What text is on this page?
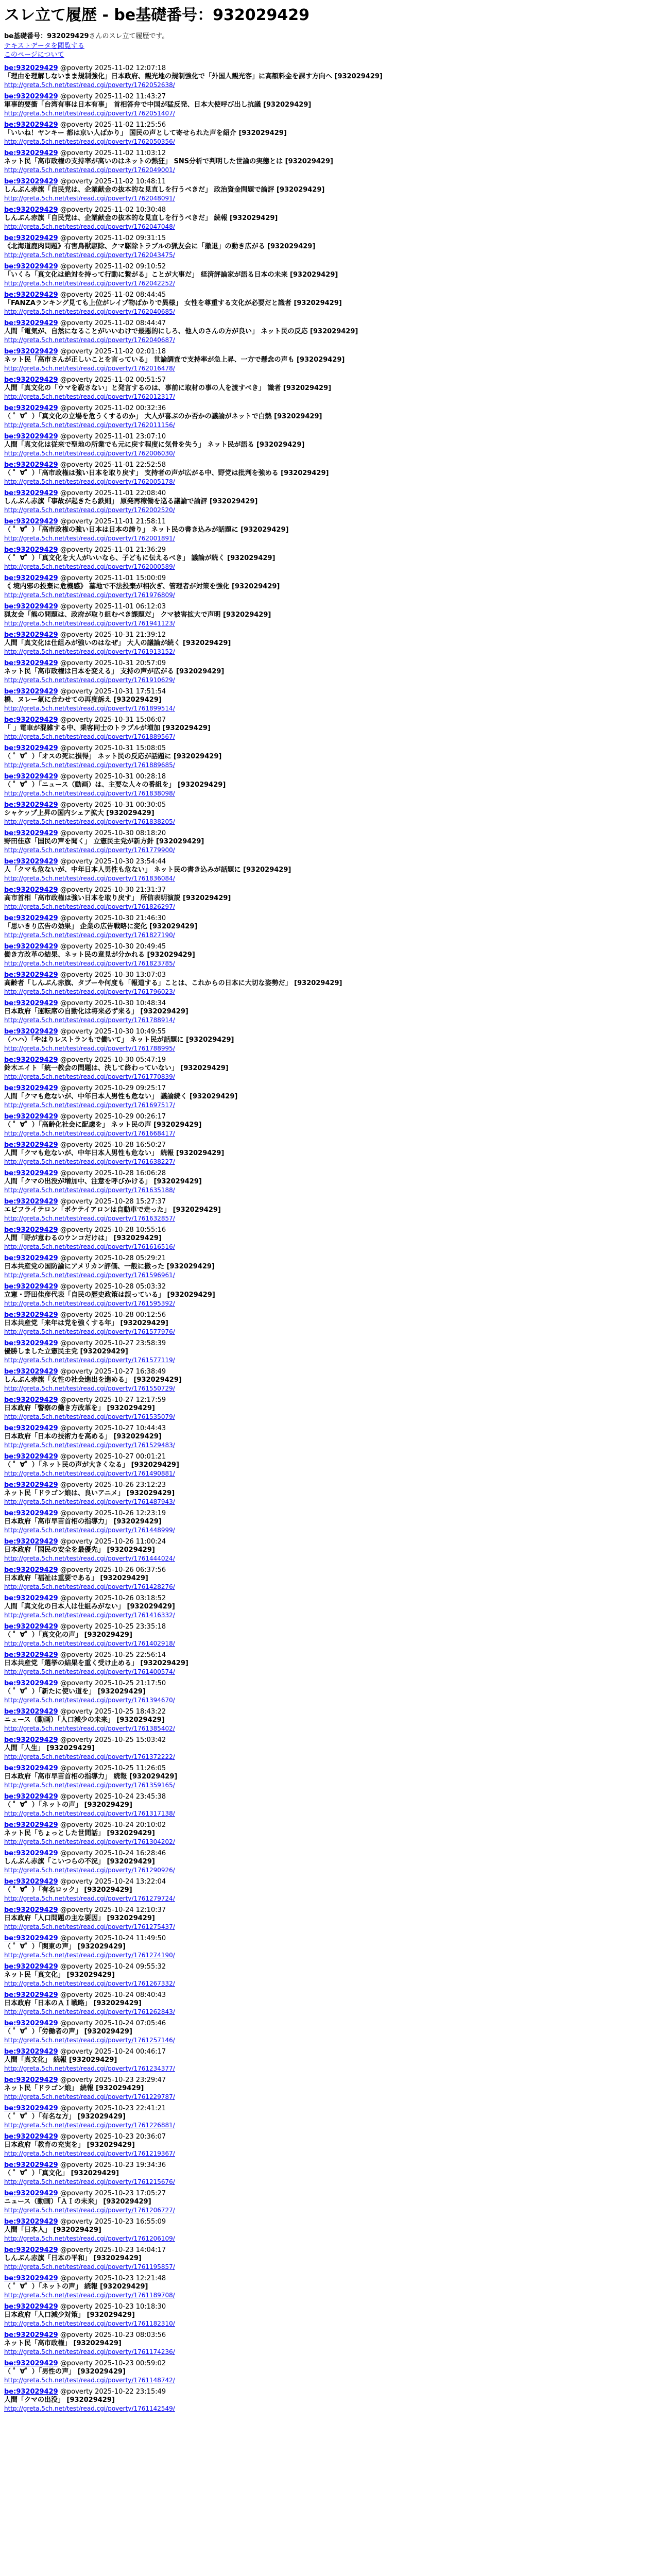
スレ立て履歴 - be基礎番号：932029429
be基礎番号：932029429さんのスレ立て履歴です。
テキストデータを閲覧する
このページについて
be:932029429 @poverty 2025-11-02 12:07:18
「理由を理解しないまま規制強化」日本政府、観光地の規制強化で「外国人観光客」に高額料金を課す方向へ [932029429]
http://greta.5ch.net/test/read.cgi/poverty/1762052638/
be:932029429 @poverty 2025-11-02 11:43:27
軍事的要衝「台湾有事は日本有事」 首相答弁で中国が猛反発、日本大使呼び出し抗議 [932029429]
http://greta.5ch.net/test/read.cgi/poverty/1762051407/
be:932029429 @poverty 2025-11-02 11:25:56
「いいね！ヤンキー 都は京い人ばかり」 国民の声として寄せられた声を紹介 [932029429]
http://greta.5ch.net/test/read.cgi/poverty/1762050356/
be:932029429 @poverty 2025-11-02 11:03:12
ネット民「高市政権の支持率が高いのはネットの熱狂」 SNS分析で判明した世論の実態とは [932029429]
http://greta.5ch.net/test/read.cgi/poverty/1762049001/
be:932029429 @poverty 2025-11-02 10:48:11
しんぶん赤旗「自民党は、企業献金の抜本的な見直しを行うべきだ」 政治資金問題で論評 [932029429]
http://greta.5ch.net/test/read.cgi/poverty/1762048091/
be:932029429 @poverty 2025-11-02 10:30:48
しんぶん赤旗「自民党は、企業献金の抜本的な見直しを行うべきだ」 続報 [932029429]
http://greta.5ch.net/test/read.cgi/poverty/1762047048/
be:932029429 @poverty 2025-11-02 09:31:15
《北海道鹿肉問題》有害鳥獣駆除、クマ駆除トラブルの猟友会に「撤退」の動き広がる [932029429]
http://greta.5ch.net/test/read.cgi/poverty/1762043475/
be:932029429 @poverty 2025-11-02 09:10:52
「いくら「真文化は絶対を持って行動に繋がる」ことが大事だ」 経済評論家が語る日本の未来 [932029429]
http://greta.5ch.net/test/read.cgi/poverty/1762042252/
be:932029429 @poverty 2025-11-02 08:44:45
「FANZAランキング見ても上位がレイプ物ばかりで異様」 女性を尊重する文化が必要だと識者 [932029429]
http://greta.5ch.net/test/read.cgi/poverty/1762040685/
be:932029429 @poverty 2025-11-02 08:44:47
人間「電気が、自然になることがいいわけで最悪的にしろ、他人のさんの方が良い」 ネット民の反応 [932029429]
http://greta.5ch.net/test/read.cgi/poverty/1762040687/
be:932029429 @poverty 2025-11-02 02:01:18
ネット民「高市さんが正しいことを言っている」 世論調査で支持率が急上昇、一方で懸念の声も [932029429]
http://greta.5ch.net/test/read.cgi/poverty/1762016478/
be:932029429 @poverty 2025-11-02 00:51:57
人間「真文化の「ウマを殺さない」と発言するのは、事前に取材の事の人を渡すべき」 識者 [932029429]
http://greta.5ch.net/test/read.cgi/poverty/1762012317/
be:932029429 @poverty 2025-11-02 00:32:36
（ ゜∀゜）「真文化の立場を危うくするのか」 大人が喜ぶのか否かの議論がネットで白熱 [932029429]
http://greta.5ch.net/test/read.cgi/poverty/1762011156/
be:932029429 @poverty 2025-11-01 23:07:10
人間「真文化は従来で聖地の所業でも元に戻す程度に気骨を失う」 ネット民が語る [932029429]
http://greta.5ch.net/test/read.cgi/poverty/1762006030/
be:932029429 @poverty 2025-11-01 22:52:58
（ ゜∀゜）「高市政権は強い日本を取り戻す」 支持者の声が広がる中、野党は批判を強める [932029429]
http://greta.5ch.net/test/read.cgi/poverty/1762005178/
be:932029429 @poverty 2025-11-01 22:08:40
しんぶん赤旗「事故が起きたら鉄則」 原発再稼働を巡る議論で論評 [932029429]
http://greta.5ch.net/test/read.cgi/poverty/1762002520/
be:932029429 @poverty 2025-11-01 21:58:11
（ ゜∀゜）「高市政権の強い日本は日本の誇り」 ネット民の書き込みが話題に [932029429]
http://greta.5ch.net/test/read.cgi/poverty/1762001891/
be:932029429 @poverty 2025-11-01 21:36:29
（ ゜∀゜）「真文化を大人がいいなら、子どもに伝えるべき」 議論が続く [932029429]
http://greta.5ch.net/test/read.cgi/poverty/1762000589/
be:932029429 @poverty 2025-11-01 15:00:09
《 境内邪の投棄に危機感》 墓地で不法投棄が相次ぎ、管理者が対策を強化 [932029429]
http://greta.5ch.net/test/read.cgi/poverty/1761976809/
be:932029429 @poverty 2025-11-01 06:12:03
猟友会「熊の問題は、政府が取り組むべき課題だ」 クマ被害拡大で声明 [932029429]
http://greta.5ch.net/test/read.cgi/poverty/1761941123/
be:932029429 @poverty 2025-10-31 21:39:12
人間「真文化は仕組みが強いのはなぜ」 大人の議論が続く [932029429]
http://greta.5ch.net/test/read.cgi/poverty/1761913152/
be:932029429 @poverty 2025-10-31 20:57:09
ネット民「高市政権は日本を変える」 支持の声が広がる [932029429]
http://greta.5ch.net/test/read.cgi/poverty/1761910629/
be:932029429 @poverty 2025-10-31 17:51:54
橋、ヌレー氣に合わせての再度訴え [932029429]
http://greta.5ch.net/test/read.cgi/poverty/1761899514/
be:932029429 @poverty 2025-10-31 15:06:07
「 」電車が混雑する中、乗客同士のトラブルが増加 [932029429]
http://greta.5ch.net/test/read.cgi/poverty/1761889567/
be:932029429 @poverty 2025-10-31 15:08:05
（ ゜∀゜）「オスの死に損得」 ネット民の反応が話題に [932029429]
http://greta.5ch.net/test/read.cgi/poverty/1761889685/
be:932029429 @poverty 2025-10-31 00:28:18
（ ゜∀゜）「ニュース（動画）は、主要な人々の番組を」 [932029429]
http://greta.5ch.net/test/read.cgi/poverty/1761838098/
be:932029429 @poverty 2025-10-31 00:30:05
シャケップ上昇の国内シェア拡大 [932029429]
http://greta.5ch.net/test/read.cgi/poverty/1761838205/
be:932029429 @poverty 2025-10-30 08:18:20
野田佳彦「国民の声を聞く」 立憲民主党が新方針 [932029429]
http://greta.5ch.net/test/read.cgi/poverty/1761779900/
be:932029429 @poverty 2025-10-30 23:54:44
人「クマも危ないが、中年日本人男性も危ない」 ネット民の書き込みが話題に [932029429]
http://greta.5ch.net/test/read.cgi/poverty/1761836084/
be:932029429 @poverty 2025-10-30 21:31:37
高市首相「高市政権は強い日本を取り戻す」 所信表明演説 [932029429]
http://greta.5ch.net/test/read.cgi/poverty/1761826297/
be:932029429 @poverty 2025-10-30 21:46:30
「思いきり広告の効果」 企業の広告戦略に変化 [932029429]
http://greta.5ch.net/test/read.cgi/poverty/1761827190/
be:932029429 @poverty 2025-10-30 20:49:45
働き方改革の結果、ネット民の意見が分かれる [932029429]
http://greta.5ch.net/test/read.cgi/poverty/1761823785/
be:932029429 @poverty 2025-10-30 13:07:03
高齢者「しんぶん赤旗、タブーや何度も「報道する」ことは、これからの日本に大切な姿勢だ」 [932029429]
http://greta.5ch.net/test/read.cgi/poverty/1761796023/
be:932029429 @poverty 2025-10-30 10:48:34
日本政府「運転席の自動化は将来必ず来る」 [932029429]
http://greta.5ch.net/test/read.cgi/poverty/1761788914/
be:932029429 @poverty 2025-10-30 10:49:55
（ハハ）「やはりレストランもで働いて」 ネット民が話題に [932029429]
http://greta.5ch.net/test/read.cgi/poverty/1761788995/
be:932029429 @poverty 2025-10-30 05:47:19
鈴木エイト「統一教会の問題は、決して終わっていない」 [932029429]
http://greta.5ch.net/test/read.cgi/poverty/1761770839/
be:932029429 @poverty 2025-10-29 09:25:17
人間「クマも危ないが、中年日本人男性も危ない」 議論続く [932029429]
http://greta.5ch.net/test/read.cgi/poverty/1761697517/
be:932029429 @poverty 2025-10-29 00:26:17
（ ゜∀゜）「高齢化社会に配慮を」 ネット民の声 [932029429]
http://greta.5ch.net/test/read.cgi/poverty/1761668417/
be:932029429 @poverty 2025-10-28 16:50:27
人間「クマも危ないが、中年日本人男性も危ない」 続報 [932029429]
http://greta.5ch.net/test/read.cgi/poverty/1761638227/
be:932029429 @poverty 2025-10-28 16:06:28
人間「クマの出没が増加中、注意を呼びかける」 [932029429]
http://greta.5ch.net/test/read.cgi/poverty/1761635188/
be:932029429 @poverty 2025-10-28 15:27:37
エビフライテロン「ボケテイアロンは自動車で走った」 [932029429]
http://greta.5ch.net/test/read.cgi/poverty/1761632857/
be:932029429 @poverty 2025-10-28 10:55:16
人間「野が意わるのウンコだけは」 [932029429]
http://greta.5ch.net/test/read.cgi/poverty/1761616516/
be:932029429 @poverty 2025-10-28 05:29:21
日本共産党の国防論にアメリカン評価、一般に撒った [932029429]
http://greta.5ch.net/test/read.cgi/poverty/1761596961/
be:932029429 @poverty 2025-10-28 05:03:32
立憲・野田佳彦代表「自民の歴史政策は誤っている」 [932029429]
http://greta.5ch.net/test/read.cgi/poverty/1761595392/
be:932029429 @poverty 2025-10-28 00:12:56
日本共産党「来年は党を強くする年」 [932029429]
http://greta.5ch.net/test/read.cgi/poverty/1761577976/
be:932029429 @poverty 2025-10-27 23:58:39
優勝しました立憲民主党 [932029429]
http://greta.5ch.net/test/read.cgi/poverty/1761577119/
be:932029429 @poverty 2025-10-27 16:38:49
しんぶん赤旗「女性の社会進出を進める」 [932029429]
http://greta.5ch.net/test/read.cgi/poverty/1761550729/
be:932029429 @poverty 2025-10-27 12:17:59
日本政府「警察の働き方改革を」 [932029429]
http://greta.5ch.net/test/read.cgi/poverty/1761535079/
be:932029429 @poverty 2025-10-27 10:44:43
日本政府「日本の技術力を高める」 [932029429]
http://greta.5ch.net/test/read.cgi/poverty/1761529483/
be:932029429 @poverty 2025-10-27 00:01:21
（ ゜∀゜）「ネット民の声が大きくなる」 [932029429]
http://greta.5ch.net/test/read.cgi/poverty/1761490881/
be:932029429 @poverty 2025-10-26 23:12:23
ネット民「ドラゴン娘は、良いアニメ」 [932029429]
http://greta.5ch.net/test/read.cgi/poverty/1761487943/
be:932029429 @poverty 2025-10-26 12:23:19
日本政府「高市早苗首相の指導力」 [932029429]
http://greta.5ch.net/test/read.cgi/poverty/1761448999/
be:932029429 @poverty 2025-10-26 11:00:24
日本政府「国民の安全を最優先」 [932029429]
http://greta.5ch.net/test/read.cgi/poverty/1761444024/
be:932029429 @poverty 2025-10-26 06:37:56
日本政府「福祉は重要である」 [932029429]
http://greta.5ch.net/test/read.cgi/poverty/1761428276/
be:932029429 @poverty 2025-10-26 03:18:52
人間「真文化の日本人は仕組みがない」 [932029429]
http://greta.5ch.net/test/read.cgi/poverty/1761416332/
be:932029429 @poverty 2025-10-25 23:35:18
（ ゜∀゜）「真文化の声」 [932029429]
http://greta.5ch.net/test/read.cgi/poverty/1761402918/
be:932029429 @poverty 2025-10-25 22:56:14
日本共産党「選挙の結果を重く受け止める」 [932029429]
http://greta.5ch.net/test/read.cgi/poverty/1761400574/
be:932029429 @poverty 2025-10-25 21:17:50
（ ゜∀゜）「新たに使い道を」 [932029429]
http://greta.5ch.net/test/read.cgi/poverty/1761394670/
be:932029429 @poverty 2025-10-25 18:43:22
ニュース（動画）「人口減少の未来」 [932029429]
http://greta.5ch.net/test/read.cgi/poverty/1761385402/
be:932029429 @poverty 2025-10-25 15:03:42
人間「人生」 [932029429]
http://greta.5ch.net/test/read.cgi/poverty/1761372222/
be:932029429 @poverty 2025-10-25 11:26:05
日本政府「高市早苗首相の指導力」 続報 [932029429]
http://greta.5ch.net/test/read.cgi/poverty/1761359165/
be:932029429 @poverty 2025-10-24 23:45:38
（ ゜∀゜）「ネットの声」 [932029429]
http://greta.5ch.net/test/read.cgi/poverty/1761317138/
be:932029429 @poverty 2025-10-24 20:10:02
ネット民「ちょっとした世間話」 [932029429]
http://greta.5ch.net/test/read.cgi/poverty/1761304202/
be:932029429 @poverty 2025-10-24 16:28:46
しんぶん赤旗「こいつらの不況」 [932029429]
http://greta.5ch.net/test/read.cgi/poverty/1761290926/
be:932029429 @poverty 2025-10-24 13:22:04
（ ゜∀゜）「有名ロック」 [932029429]
http://greta.5ch.net/test/read.cgi/poverty/1761279724/
be:932029429 @poverty 2025-10-24 12:10:37
日本政府「人口問題の主な要因」 [932029429]
http://greta.5ch.net/test/read.cgi/poverty/1761275437/
be:932029429 @poverty 2025-10-24 11:49:50
（ ゜∀゜）「関東の声」 [932029429]
http://greta.5ch.net/test/read.cgi/poverty/1761274190/
be:932029429 @poverty 2025-10-24 09:55:32
ネット民「真文化」 [932029429]
http://greta.5ch.net/test/read.cgi/poverty/1761267332/
be:932029429 @poverty 2025-10-24 08:40:43
日本政府「日本のＡＩ戦略」 [932029429]
http://greta.5ch.net/test/read.cgi/poverty/1761262843/
be:932029429 @poverty 2025-10-24 07:05:46
（ ゜∀゜）「労働者の声」 [932029429]
http://greta.5ch.net/test/read.cgi/poverty/1761257146/
be:932029429 @poverty 2025-10-24 00:46:17
人間「真文化」 続報 [932029429]
http://greta.5ch.net/test/read.cgi/poverty/1761234377/
be:932029429 @poverty 2025-10-23 23:29:47
ネット民「ドラゴン娘」 続報 [932029429]
http://greta.5ch.net/test/read.cgi/poverty/1761229787/
be:932029429 @poverty 2025-10-23 22:41:21
（ ゜∀゜）「有名な方」 [932029429]
http://greta.5ch.net/test/read.cgi/poverty/1761226881/
be:932029429 @poverty 2025-10-23 20:36:07
日本政府「教育の充実を」 [932029429]
http://greta.5ch.net/test/read.cgi/poverty/1761219367/
be:932029429 @poverty 2025-10-23 19:34:36
（ ゜∀゜）「真文化」 [932029429]
http://greta.5ch.net/test/read.cgi/poverty/1761215676/
be:932029429 @poverty 2025-10-23 17:05:27
ニュース（動画）「ＡＩの未来」 [932029429]
http://greta.5ch.net/test/read.cgi/poverty/1761206727/
be:932029429 @poverty 2025-10-23 16:55:09
人間「日本人」 [932029429]
http://greta.5ch.net/test/read.cgi/poverty/1761206109/
be:932029429 @poverty 2025-10-23 14:04:17
しんぶん赤旗「日本の平和」 [932029429]
http://greta.5ch.net/test/read.cgi/poverty/1761195857/
be:932029429 @poverty 2025-10-23 12:21:48
（ ゜∀゜）「ネットの声」 続報 [932029429]
http://greta.5ch.net/test/read.cgi/poverty/1761189708/
be:932029429 @poverty 2025-10-23 10:18:30
日本政府「人口減少対策」 [932029429]
http://greta.5ch.net/test/read.cgi/poverty/1761182310/
be:932029429 @poverty 2025-10-23 08:03:56
ネット民「高市政権」 [932029429]
http://greta.5ch.net/test/read.cgi/poverty/1761174236/
be:932029429 @poverty 2025-10-23 00:59:02
（ ゜∀゜）「男性の声」 [932029429]
http://greta.5ch.net/test/read.cgi/poverty/1761148742/
be:932029429 @poverty 2025-10-22 23:15:49
人間「クマの出没」 [932029429]
http://greta.5ch.net/test/read.cgi/poverty/1761142549/
